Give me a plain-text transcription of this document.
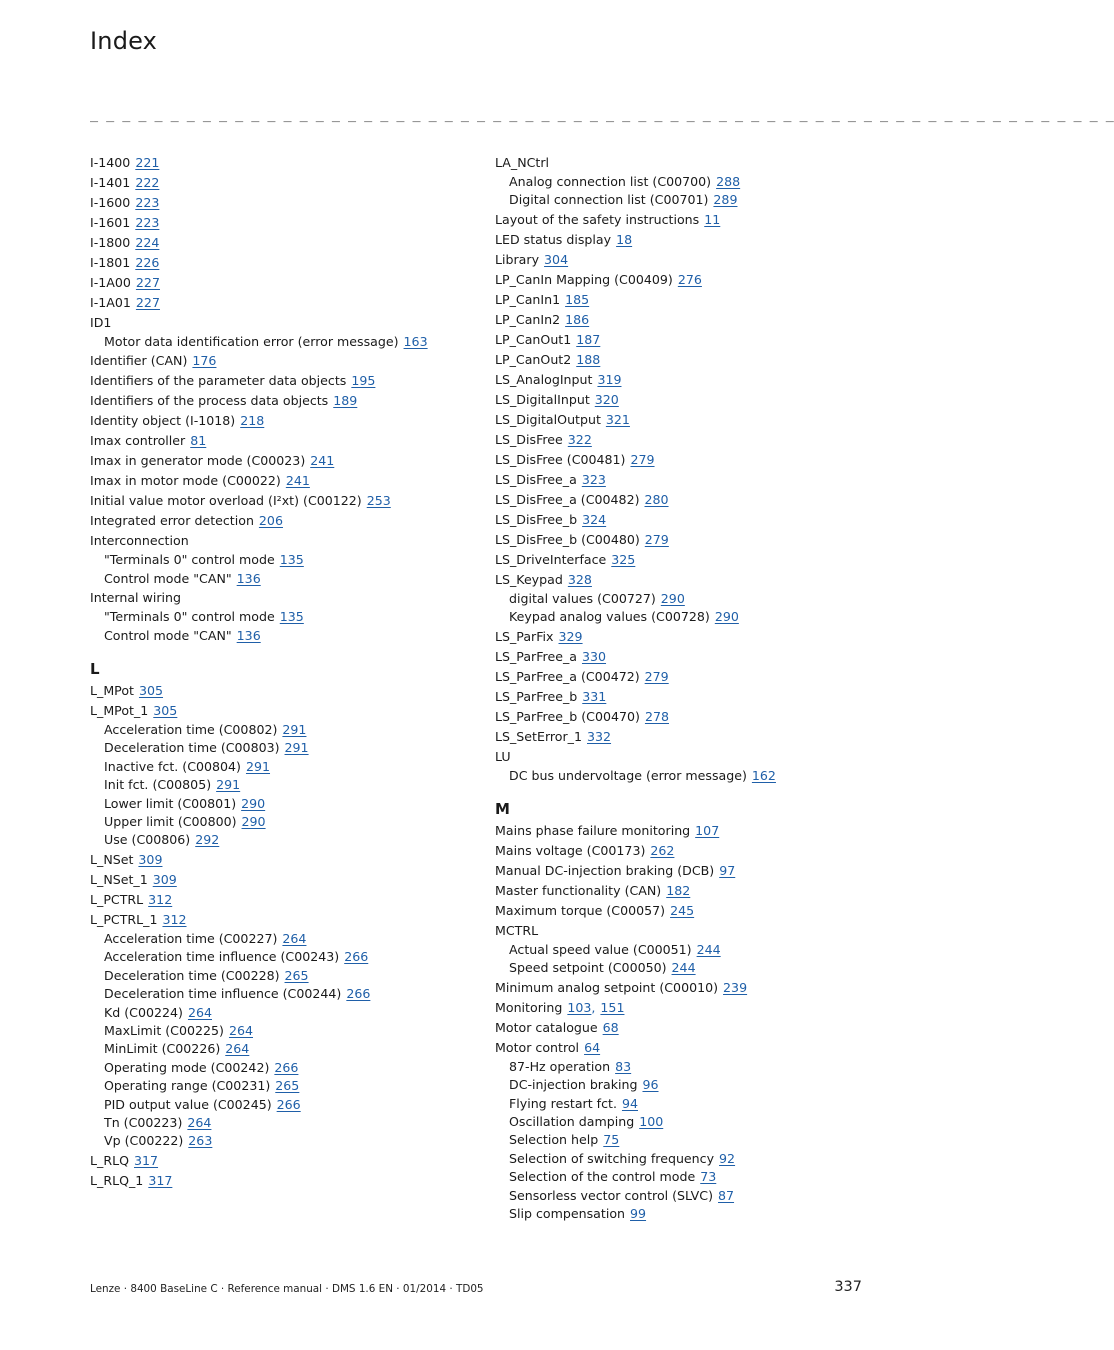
Index
_ _ _ _ _ _ _ _ _ _ _ _ _ _ _ _ _ _ _ _ _ _ _ _ _ _ _ _ _ _ _ _ _ _ _ _ _ _ _ _ _ _ _ _ _ _ _ _ _ _ _ _ _ _ _ _ _ _ _ _ _ _ _ _
I-1400 221
I-1401 222
I-1600 223
I-1601 223
I-1800 224
I-1801 226
I-1A00 227
I-1A01 227
ID1
Motor data identification error (error message) 163
Identifier (CAN) 176
Identifiers of the parameter data objects 195
Identifiers of the process data objects 189
Identity object (I-1018) 218
Imax controller 81
Imax in generator mode (C00023) 241
Imax in motor mode (C00022) 241
Initial value motor overload (I²xt) (C00122) 253
Integrated error detection 206
Interconnection
"Terminals 0" control mode 135
Control mode "CAN" 136
Internal wiring
"Terminals 0" control mode 135
Control mode "CAN" 136
L
L_MPot 305
L_MPot_1 305
Acceleration time (C00802) 291
Deceleration time (C00803) 291
Inactive fct. (C00804) 291
Init fct. (C00805) 291
Lower limit (C00801) 290
Upper limit (C00800) 290
Use (C00806) 292
L_NSet 309
L_NSet_1 309
L_PCTRL 312
L_PCTRL_1 312
Acceleration time (C00227) 264
Acceleration time influence (C00243) 266
Deceleration time (C00228) 265
Deceleration time influence (C00244) 266
Kd (C00224) 264
MaxLimit (C00225) 264
MinLimit (C00226) 264
Operating mode (C00242) 266
Operating range (C00231) 265
PID output value (C00245) 266
Tn (C00223) 264
Vp (C00222) 263
L_RLQ 317
L_RLQ_1 317
LA_NCtrl
Analog connection list (C00700) 288
Digital connection list (C00701) 289
Layout of the safety instructions 11
LED status display 18
Library 304
LP_CanIn Mapping (C00409) 276
LP_CanIn1 185
LP_CanIn2 186
LP_CanOut1 187
LP_CanOut2 188
LS_AnalogInput 319
LS_DigitalInput 320
LS_DigitalOutput 321
LS_DisFree 322
LS_DisFree (C00481) 279
LS_DisFree_a 323
LS_DisFree_a (C00482) 280
LS_DisFree_b 324
LS_DisFree_b (C00480) 279
LS_DriveInterface 325
LS_Keypad 328
digital values (C00727) 290
Keypad analog values (C00728) 290
LS_ParFix 329
LS_ParFree_a 330
LS_ParFree_a (C00472) 279
LS_ParFree_b 331
LS_ParFree_b (C00470) 278
LS_SetError_1 332
LU
DC bus undervoltage (error message) 162
M
Mains phase failure monitoring 107
Mains voltage (C00173) 262
Manual DC-injection braking (DCB) 97
Master functionality (CAN) 182
Maximum torque (C00057) 245
MCTRL
Actual speed value (C00051) 244
Speed setpoint (C00050) 244
Minimum analog setpoint (C00010) 239
Monitoring 103, 151
Motor catalogue 68
Motor control 64
87-Hz operation 83
DC-injection braking 96
Flying restart fct. 94
Oscillation damping 100
Selection help 75
Selection of switching frequency 92
Selection of the control mode 73
Sensorless vector control (SLVC) 87
Slip compensation 99
Lenze · 8400 BaseLine C · Reference manual · DMS 1.6 EN · 01/2014 · TD05	337
